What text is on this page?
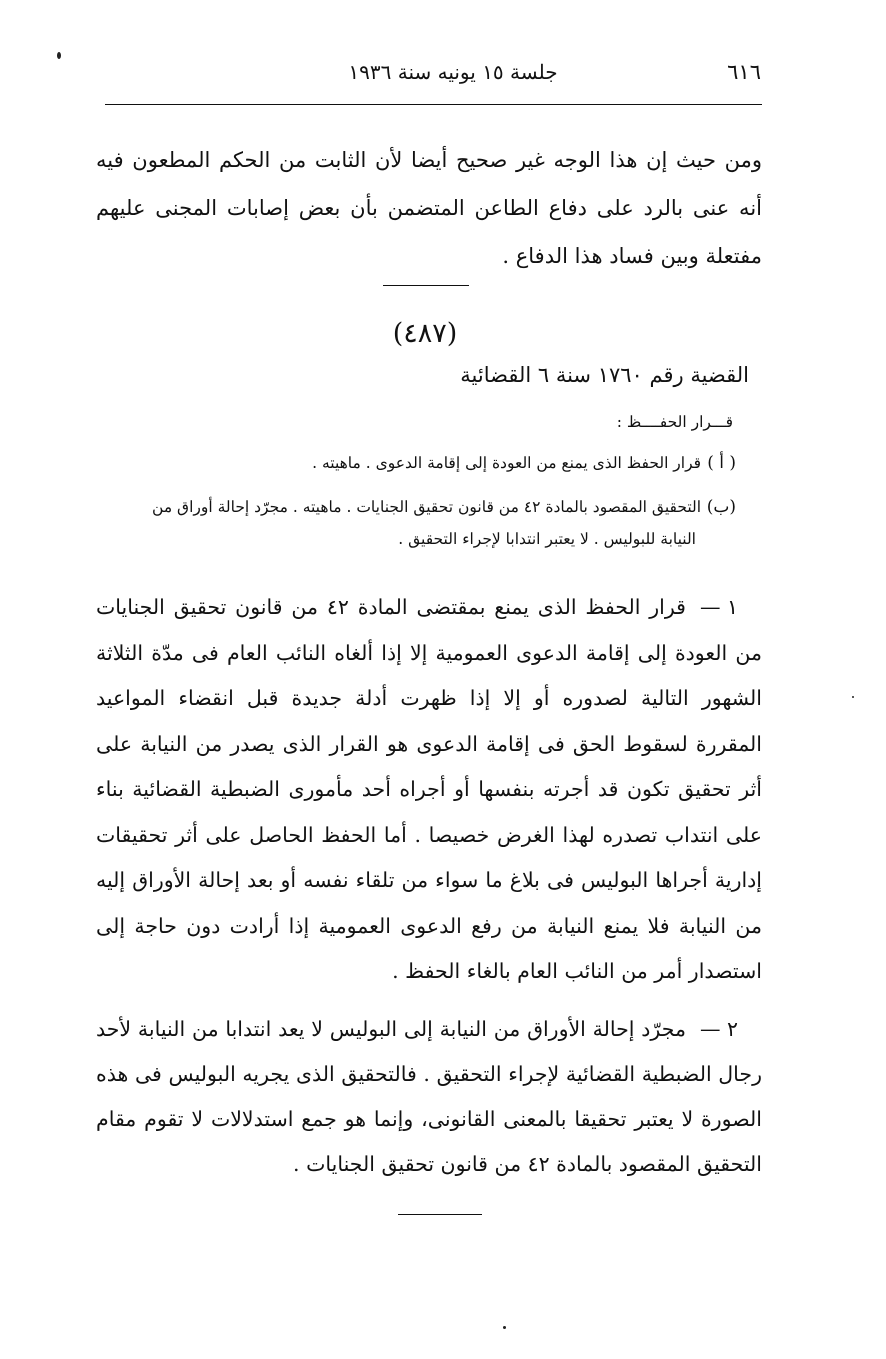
٦١٦
جلسة ١٥ يونيه سنة ١٩٣٦

ومن حيث إن هذا الوجه غير صحيح أيضا لأن الثابت من الحكم المطعون فيه أنه عنى بالرد على دفاع الطاعن المتضمن بأن بعض إصابات المجنى عليهم مفتعلة وبين فساد هذا الدفاع .

(٤٨٧)
القضية رقم ١٧٦٠ سنة ٦ القضائية
قـــرار الحفــــظ :
( أ ) قرار الحفظ الذى يمنع من العودة إلى إقامة الدعوى . ماهيته .
(ب) التحقيق المقصود بالمادة ٤٢ من قانون تحقيق الجنايات . ماهيته . مجرّد إحالة أوراق من
النيابة للبوليس . لا يعتبر انتدابا لإجراء التحقيق .

١ —قرار الحفظ الذى يمنع بمقتضى المادة ٤٢ من قانون تحقيق الجنايات من العودة إلى إقامة الدعوى العمومية إلا إذا ألغاه النائب العام فى مدّة الثلاثة الشهور التالية لصدوره أو إلا إذا ظهرت أدلة جديدة قبل انقضاء المواعيد المقررة لسقوط الحق فى إقامة الدعوى هو القرار الذى يصدر من النيابة على أثر تحقيق تكون قد أجرته بنفسها أو أجراه أحد مأمورى الضبطية القضائية بناء على انتداب تصدره لهذا الغرض خصيصا . أما الحفظ الحاصل على أثر تحقيقات إدارية أجراها البوليس فى بلاغ ما سواء من تلقاء نفسه أو بعد إحالة الأوراق إليه من النيابة فلا يمنع النيابة من رفع الدعوى العمومية إذا أرادت دون حاجة إلى استصدار أمر من النائب العام بالغاء الحفظ .

٢ —مجرّد إحالة الأوراق من النيابة إلى البوليس لا يعد انتدابا من النيابة لأحد رجال الضبطية القضائية لإجراء التحقيق . فالتحقيق الذى يجريه البوليس فى هذه الصورة لا يعتبر تحقيقا بالمعنى القانونى، وإنما هو جمع استدلالات لا تقوم مقام التحقيق المقصود بالمادة ٤٢ من قانون تحقيق الجنايات .
